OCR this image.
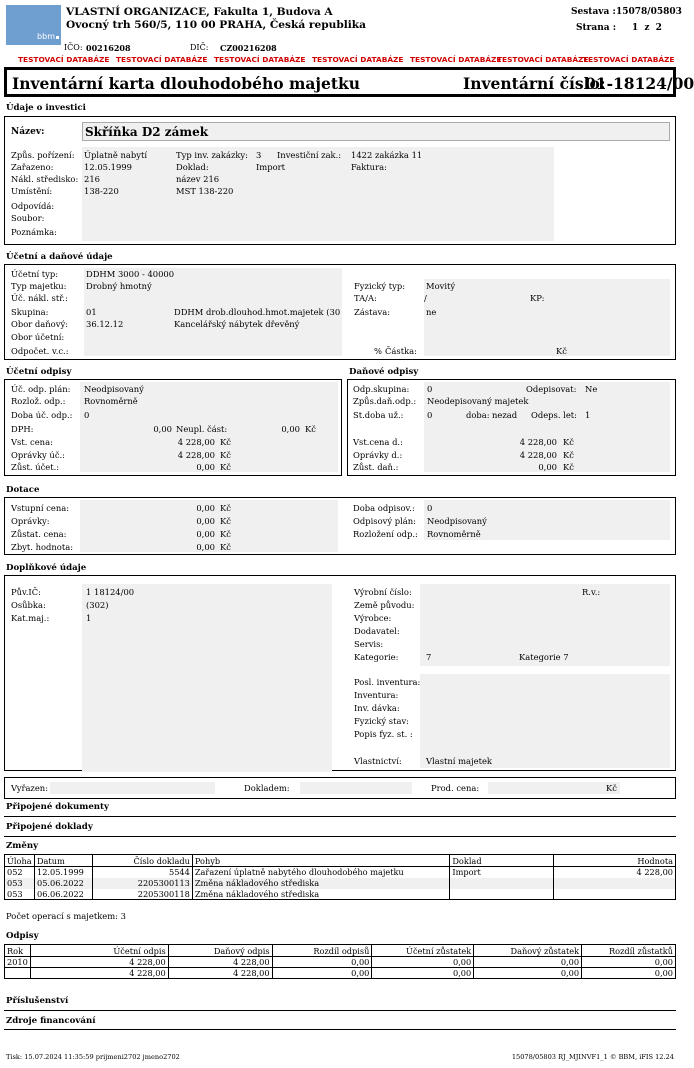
bbm
VLASTNÍ ORGANIZACE, Fakulta 1, Budova A
Ovocný trh 560/5, 110 00 PRAHA, Česká republika
IČO: 00216208	DIČ: CZ00216208
Sestava : 15078/05803
Strana : 1 z 2
TESTOVACÍ DATABÁZE TESTOVACÍ DATABÁZE TESTOVACÍ DATABÁZE TESTOVACÍ DATABÁZE TESTOVACÍ DATABÁZE
TESTOVACÍ DATABÁZE
TESTOVACÍ DATABÁZE
Inventární karta dlouhodobého majetku	Inventární číslo:
01-18124/00
Údaje o investici
Název:	Skříňka D2 zámek
Způs. pořízení: Úplatně nabytí	Typ inv. zakázky: 3 Investiční zak.: 1422 zakázka 11
Zařazeno:	12.05.1999	Doklad:	Import	Faktura:
Nákl. středisko: 216	název 216
Umístění:	138-220	MST 138-220
Odpovídá:
Soubor:
Poznámka:
Účetní a daňové údaje
Účetní typ:	DDHM 3000 - 40000
Typ majetku: Drobný hmotný
Úč. nákl. stř.:
Skupina:	01	DDHM drob.dlouhod.hmot.majetek (30
Obor daňový: 36.12.12	Kancelářský nábytek dřevěný
Obor účetní:
Odpočet. v.c.:
Fyzický typ: Movitý
TA/A:	/	KP:
Zástava:	ne
% Částka:	Kč
Účetní odpisy
Úč. odp. plán: Neodpisovaný
Rozlož. odp.: Rovnoměrně
Doba úč. odp.: 0
DPH:	0,00 Neupl. část:	0,00 Kč
Vst. cena:	4 228,00 Kč
Oprávky úč.:	4 228,00 Kč
Zůst. účet.:	0,00 Kč
Daňové odpisy
Odp.skupina: 0	Odepisovat: Ne
Způs.daň.odp.: Neodepisovaný majetek
St.doba už.:	0	doba: nezad Odeps. let: 1
Vst.cena d.:	4 228,00 Kč
Oprávky d.:	4 228,00 Kč
Zůst. daň.:	0,00 Kč
Dotace
Vstupní cena:	0,00 Kč
Oprávky:	0,00 Kč
Zůstat. cena:	0,00 Kč
Zbyt. hodnota:	0,00 Kč
Doba odpisov.: 0
Odpisový plán: Neodpisovaný
Rozložení odp.: Rovnoměrně
Doplňkové údaje
Pův.IČ:	1 18124/00
Osůbka:	(302)
Kat.maj.:	1
Výrobní číslo:	R.v.:
Země původu:
Výrobce:
Dodavatel:
Servis:
Kategorie:	7	Kategorie 7
Posl. inventura:
Inventura:
Inv. dávka:
Fyzický stav:
Popis fyz. st. :
Vlastnictví:	Vlastní majetek
Vyřazen:	Dokladem:	Prod. cena:	Kč
Připojené dokumenty
Připojené doklady
Změny
Úloha	Datum	Číslo dokladu	Pohyb	Doklad	Hodnota
052	12.05.1999	5544	Zařazení úplatně nabytého dlouhodobého majetku	Import	4 228,00
053	05.06.2022	2205300113	Změna nákladového střediska		
053	06.06.2022	2205300118	Změna nákladového střediska		
Počet operací s majetkem: 3
Odpisy
Rok	Účetní odpis	Daňový odpis	Rozdíl odpisů	Účetní zůstatek	Daňový zůstatek	Rozdíl zůstatků
2010	4 228,00	4 228,00	0,00	0,00	0,00	0,00
	4 228,00	4 228,00	0,00	0,00	0,00	0,00
Příslušenství
Zdroje financování
Tisk: 15.07.2024 11:35:59 prijmeni2702 jmeno2702	15078/05803 RJ_MJINVF1_1 © BBM, iFIS 12.24
